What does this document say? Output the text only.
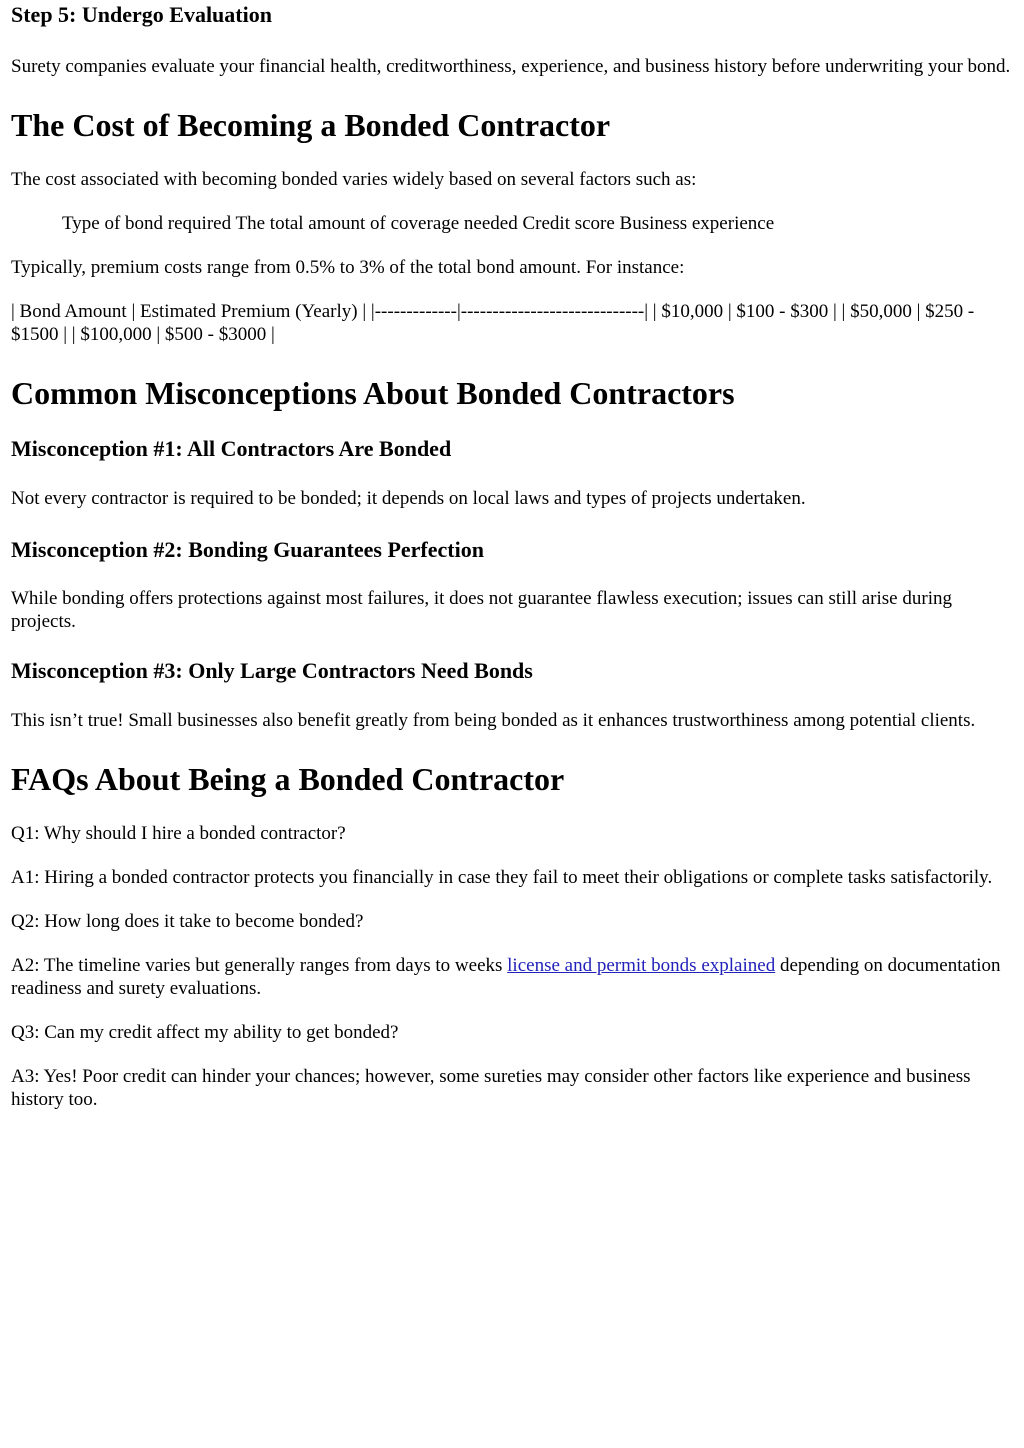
Step 5: Undergo Evaluation

Surety companies evaluate your financial health, creditworthiness, experience, and business history before underwriting your bond.

The Cost of Becoming a Bonded Contractor

The cost associated with becoming bonded varies widely based on several factors such as:

Type of bond required The total amount of coverage needed Credit score Business experience

Typically, premium costs range from 0.5% to 3% of the total bond amount. For instance:

| Bond Amount | Estimated Premium (Yearly) | |-------------|-----------------------------| | $10,000 | $100 - $300 | | $50,000 | $250 - $1500 | | $100,000 | $500 - $3000 |

Common Misconceptions About Bonded Contractors
Misconception #1: All Contractors Are Bonded

Not every contractor is required to be bonded; it depends on local laws and types of projects undertaken.

Misconception #2: Bonding Guarantees Perfection

While bonding offers protections against most failures, it does not guarantee flawless execution; issues can still arise during projects.

Misconception #3: Only Large Contractors Need Bonds

This isn’t true! Small businesses also benefit greatly from being bonded as it enhances trustworthiness among potential clients.

FAQs About Being a Bonded Contractor

Q1: Why should I hire a bonded contractor?

A1: Hiring a bonded contractor protects you financially in case they fail to meet their obligations or complete tasks satisfactorily.

Q2: How long does it take to become bonded?

A2: The timeline varies but generally ranges from days to weeks license and permit bonds explained depending on documentation readiness and surety evaluations.

Q3: Can my credit affect my ability to get bonded?

A3: Yes! Poor credit can hinder your chances; however, some sureties may consider other factors like experience and business history too.
